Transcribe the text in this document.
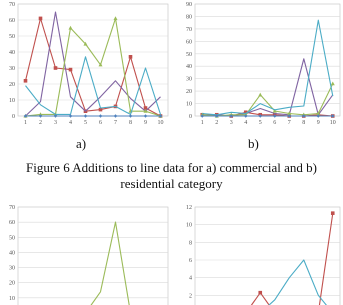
0
10
20
30
40
50
60
70
1 2 3 4 5 6 7 8 9 10
0
10
20
30
40
50
60
70
80
90
1 2 3 4 5 6 7 8 9 10
10
20
30
40
50
60
70
2
4
6
8
10
12
a)	b)
Figure 6 Additions to line data for a) commercial and b)
residential category
